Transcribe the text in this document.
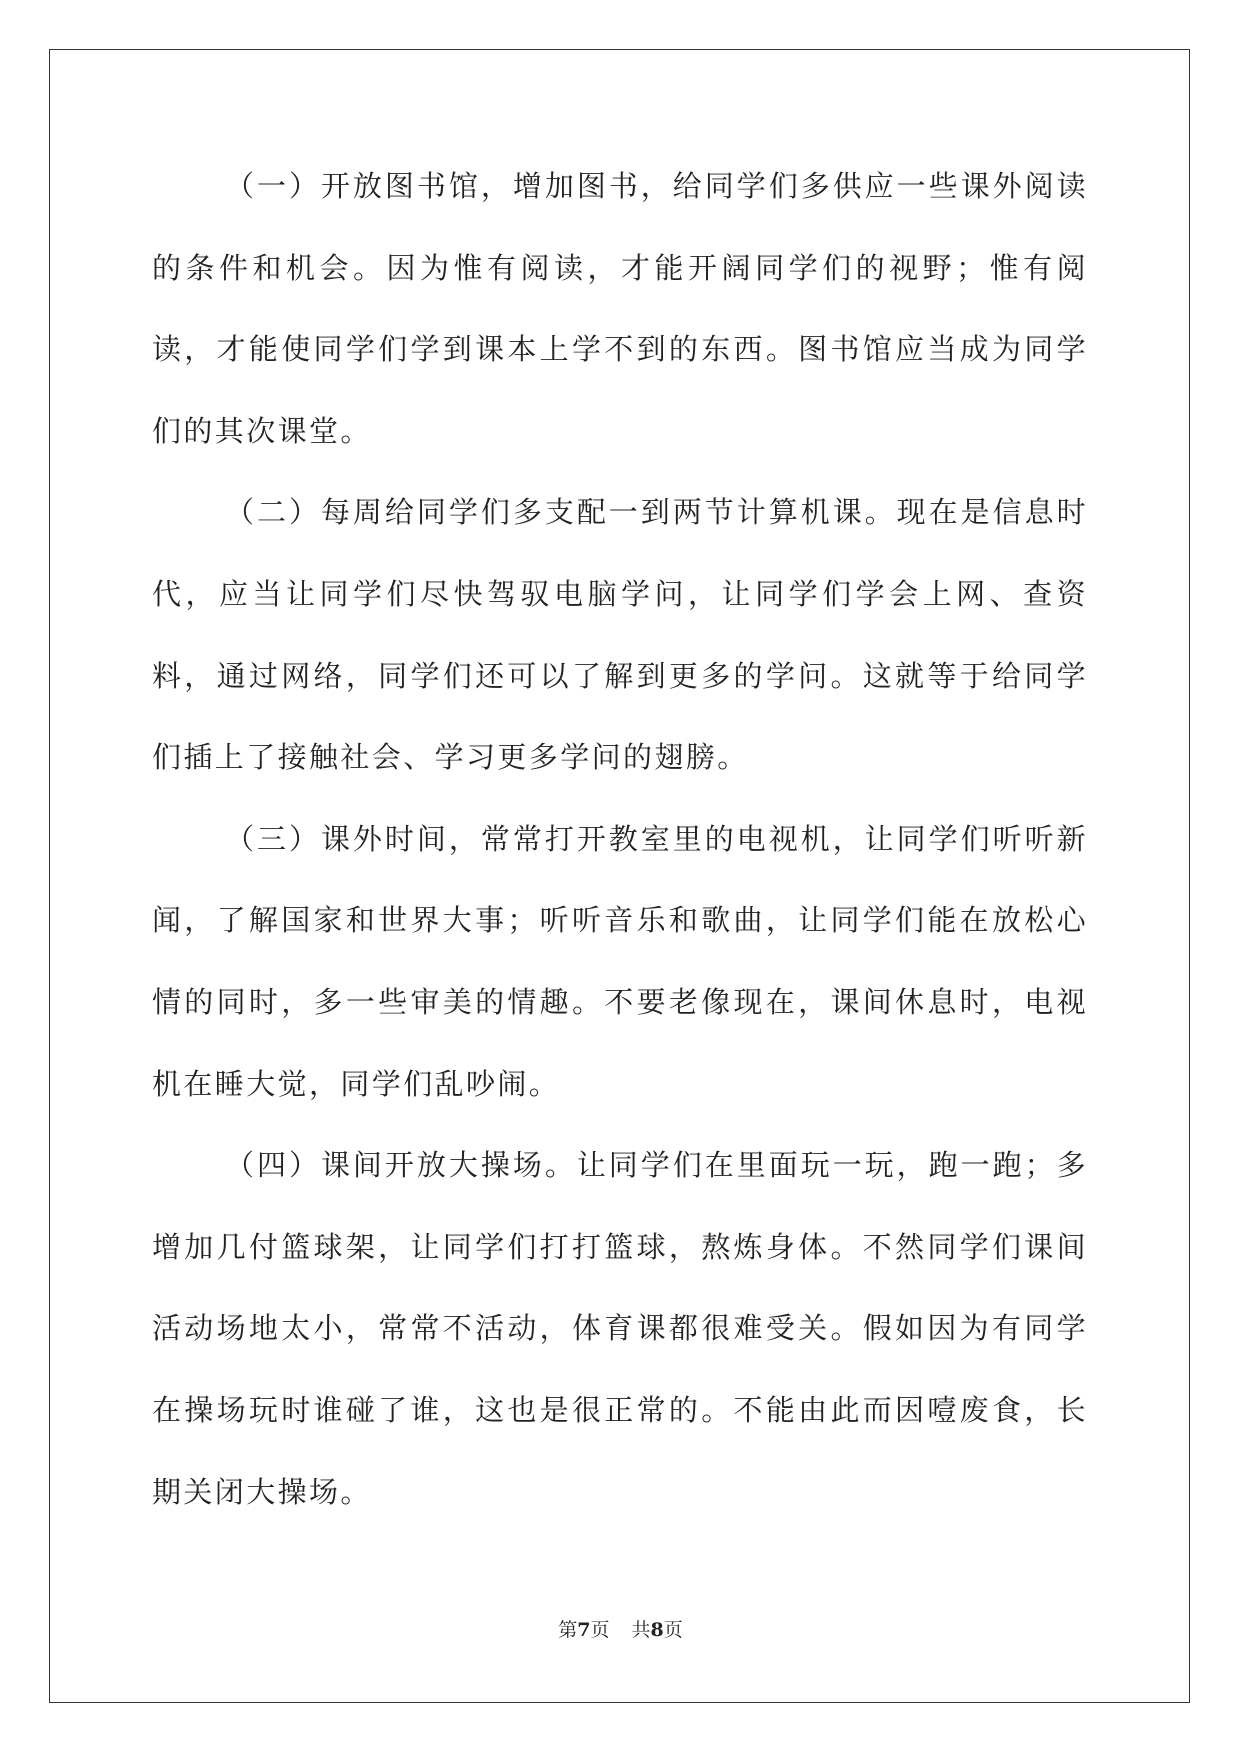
（一）开放图书馆，增加图书，给同学们多供应一些课外阅读的条件和机会。因为惟有阅读，才能开阔同学们的视野；惟有阅读，才能使同学们学到课本上学不到的东西。图书馆应当成为同学们的其次课堂。

（二）每周给同学们多支配一到两节计算机课。现在是信息时代，应当让同学们尽快驾驭电脑学问，让同学们学会上网、查资料，通过网络，同学们还可以了解到更多的学问。这就等于给同学们插上了接触社会、学习更多学问的翅膀。

（三）课外时间，常常打开教室里的电视机，让同学们听听新闻，了解国家和世界大事；听听音乐和歌曲，让同学们能在放松心情的同时，多一些审美的情趣。不要老像现在，课间休息时，电视机在睡大觉，同学们乱吵闹。

（四）课间开放大操场。让同学们在里面玩一玩，跑一跑；多增加几付篮球架，让同学们打打篮球，熬炼身体。不然同学们课间活动场地太小，常常不活动，体育课都很难受关。假如因为有同学在操场玩时谁碰了谁，这也是很正常的。不能由此而因噎废食，长期关闭大操场。

第7页 共8页
